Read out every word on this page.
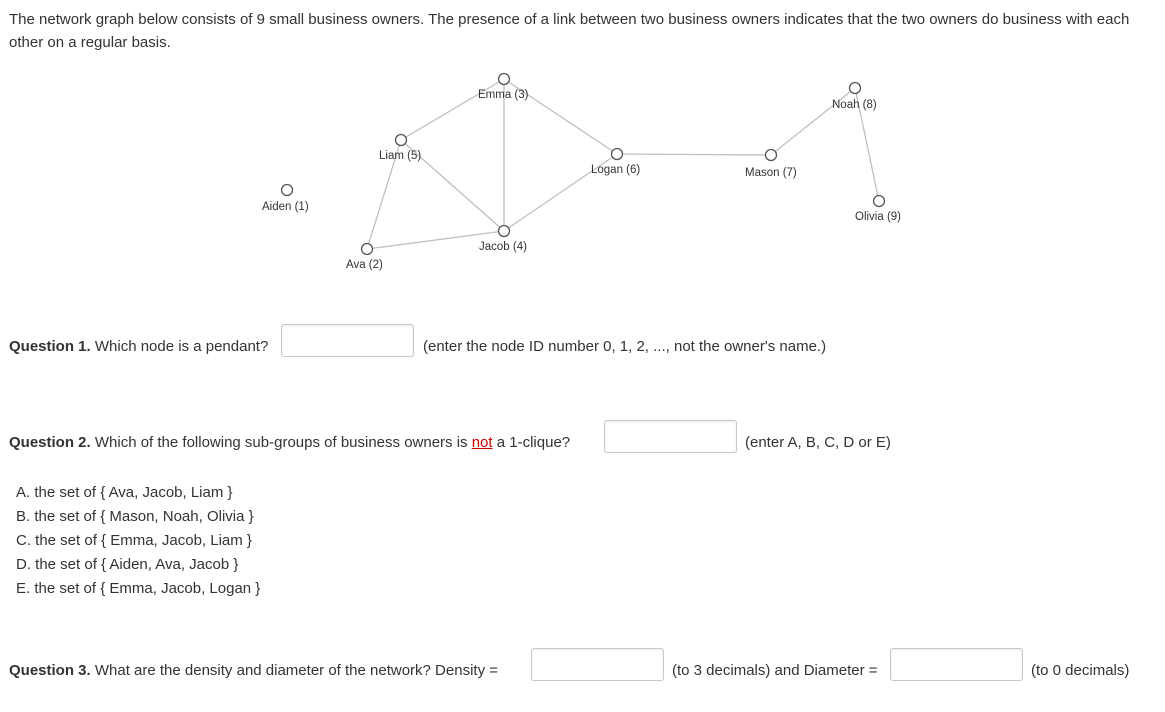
The network graph below consists of 9 small business owners. The presence of a link between two business owners indicates that the two owners do business with each other on a regular basis.
Aiden (1)
Ava (2)
Emma (3)
Jacob (4)
Liam (5)
Logan (6)	Mason (7)
Noah (8)
Olivia (9)
Question 1. Which node is a pendant?	(enter the node ID number 0, 1, 2, ..., not the owner's name.)
Question 2. Which of the following sub-groups of business owners is not a 1-clique?	(enter A, B, C, D or E)
A. the set of { Ava, Jacob, Liam }
B. the set of { Mason, Noah, Olivia }
C. the set of { Emma, Jacob, Liam }
D. the set of { Aiden, Ava, Jacob }
E. the set of { Emma, Jacob, Logan }
Question 3. What are the density and diameter of the network? Density =	(to 3 decimals) and Diameter =	(to 0 decimals)
